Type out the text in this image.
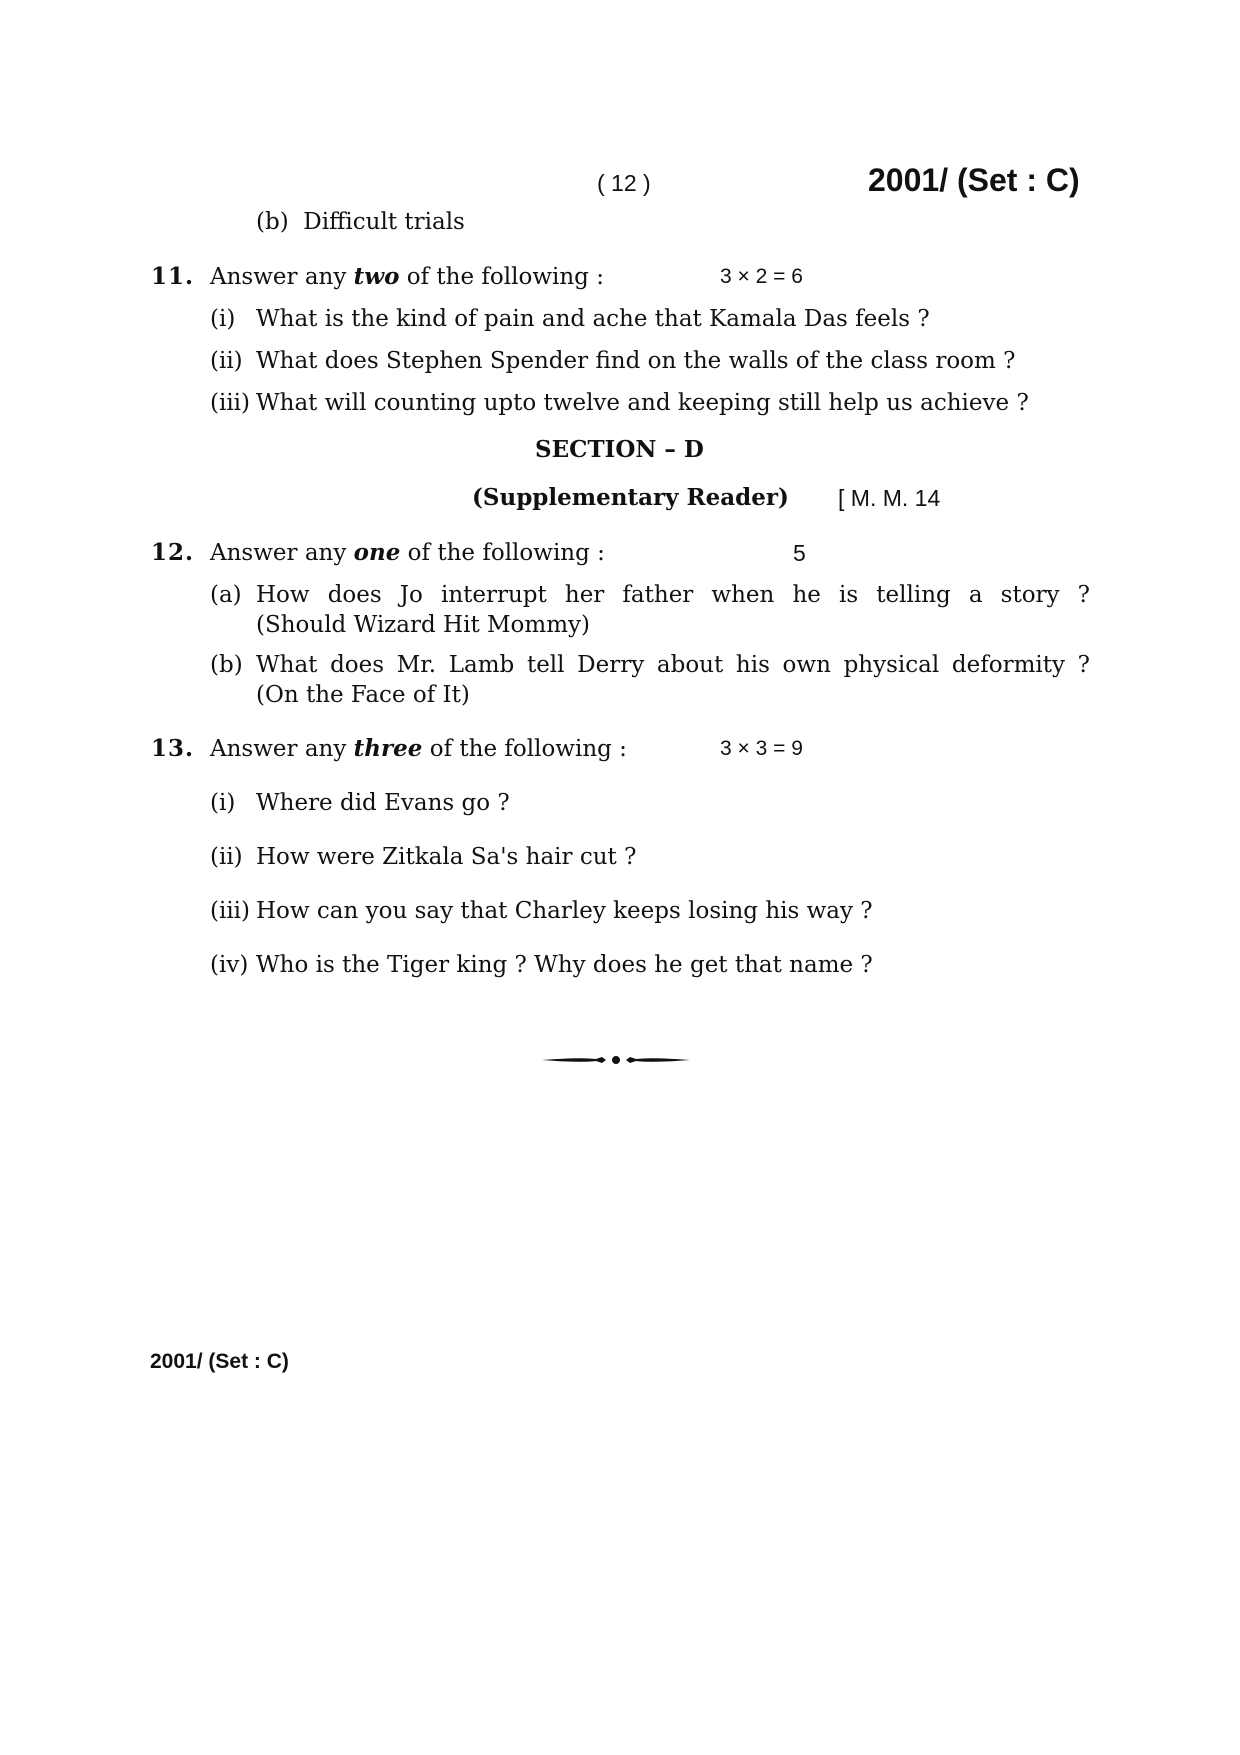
( 12 )	2001/ (Set : C)
(b) Difficult trials
11. Answer any two of the following :	3 × 2 = 6
(i) What is the kind of pain and ache that Kamala Das feels ?
(ii) What does Stephen Spender find on the walls of the class room ?
(iii) What will counting upto twelve and keeping still help us achieve ?
SECTION – D
(Supplementary Reader) [ M. M. 14
12. Answer any one of the following :	5
(a) How does Jo interrupt her father when he is telling a story ?
(Should Wizard Hit Mommy)
(b) What does Mr. Lamb tell Derry about his own physical deformity ?
(On the Face of It)
13. Answer any three of the following :	3 × 3 = 9
(i) Where did Evans go ?
(ii) How were Zitkala Sa's hair cut ?
(iii) How can you say that Charley keeps losing his way ?
(iv) Who is the Tiger king ? Why does he get that name ?
2001/ (Set : C)
